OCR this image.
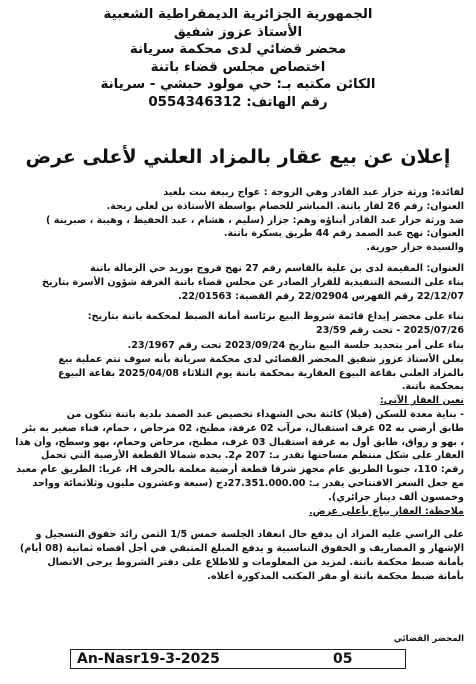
الجمهورية الجزائرية الديمقراطية الشعبية
الأستاذ عزوز شفيق
محضر قضائي لدى محكمة سريانة
اختصاص مجلس قضاء باتنة
الكائن مكتبه بـ: حي مولود حبشي - سريانة
رقم الهاتف: 0554346312
إعلان عن بيع عقار بالمزاد العلني لأعلى عرض
لفائدة: ورثة جزار عبد القادر وهي الزوجة : عواج ربيعة بنت بلعيد
العنوان: رقم 26 لقار باتنة. المباشر للخصام بواسطة الأستاذة بن لعلى ريحة.
ضد ورثة جزار عبد القادر أبناؤه وهم: جزار (سليم ، هشام ، عبد الحفيظ ، وهيبة ، صبرينة )
العنوان: نهج عبد الصمد رقم 44 طريق بسكرة باتنة.
والسيدة جزار حورية.
العنوان: المقيمة لدى بن علية بالقاسم رقم 27 نهج فروج بوزيد حي الزمالة باتنة
بناء على النسخة التنفيذية للقرار الصادر عن مجلس قضاء باتنة الغرفة شؤون الأسرة بتاريخ
22/12/07 رقم الفهرس 22/02904 رقم القضية: 22/01563.
بناء على محضر إيداع قائمة شروط البيع برئاسة أمانة الضبط لمحكمة باتنة بتاريخ:
2025/07/26 - تحت رقم 23/59
بناء على أمر بتحديد جلسة البيع بتاريخ 2023/09/24 تحت رقم 23/1967.
يعلن الأستاذ عزوز شفيق المحضر القضائي لدى محكمة سريانة بأنه سوف تتم عملية بيع
بالمزاد العلني بقاعة البيوع العقارية بمحكمة باتنة يوم الثلاثاء 2025/04/08 بقاعة البيوع
بمحكمة باتنة.
تعين العقار الآتي:
- بناية معدة للسكن (فيلا) كائنة بحي الشهداء تخصيص عبد الصمد بلدية باتنة تتكون من
طابق أرضي به 02 غرف استقبال، مرآب 02 غرفة، مطبخ، 02 مرحاض ، حمام، فناء صغير به بئر
، بهو و رواق، طابق أول به غرفة استقبال 03 غرف، مطبخ، مرحاض وحمام، بهو وسطح، وأن هذا
العقار على شكل منتظم مساحتها تقدر بـ: 207 م2. يحده شمالا القطعة الأرضية التي تحمل
رقم: 110، جنوبا الطريق عام مجهز شرقا قطعة أرضية معلمة بالحرف H، غربا: الطريق عام معبد
مع جعل السعر الافتتاحي يقدر بـ: 27.351.000.00دج (سبعة وعشرون مليون وثلاثمائة وواحد
وخمسون ألف دينار جزائري).
ملاحظة: العقار يباع بأعلى عرض.
على الراسي عليه المزاد أن يدفع حال انعقاد الجلسة خمس 1/5 الثمن زائد حقوق التسجيل و
الإشهار و المصاريف و الحقوق التناسبية و يدفع المبلغ المتبقي في أجل أقصاه ثمانية (08 أيام)
بأمانة ضبط محكمة باتنة. لمزيد من المعلومات و للاطلاع على دفتر الشروط يرجى الاتصال
بأمانة ضبط محكمة باتنة أو مقر المكتب المذكورة أعلاه.
المحضر القضائي
An-Nasr19-3-2025	05
